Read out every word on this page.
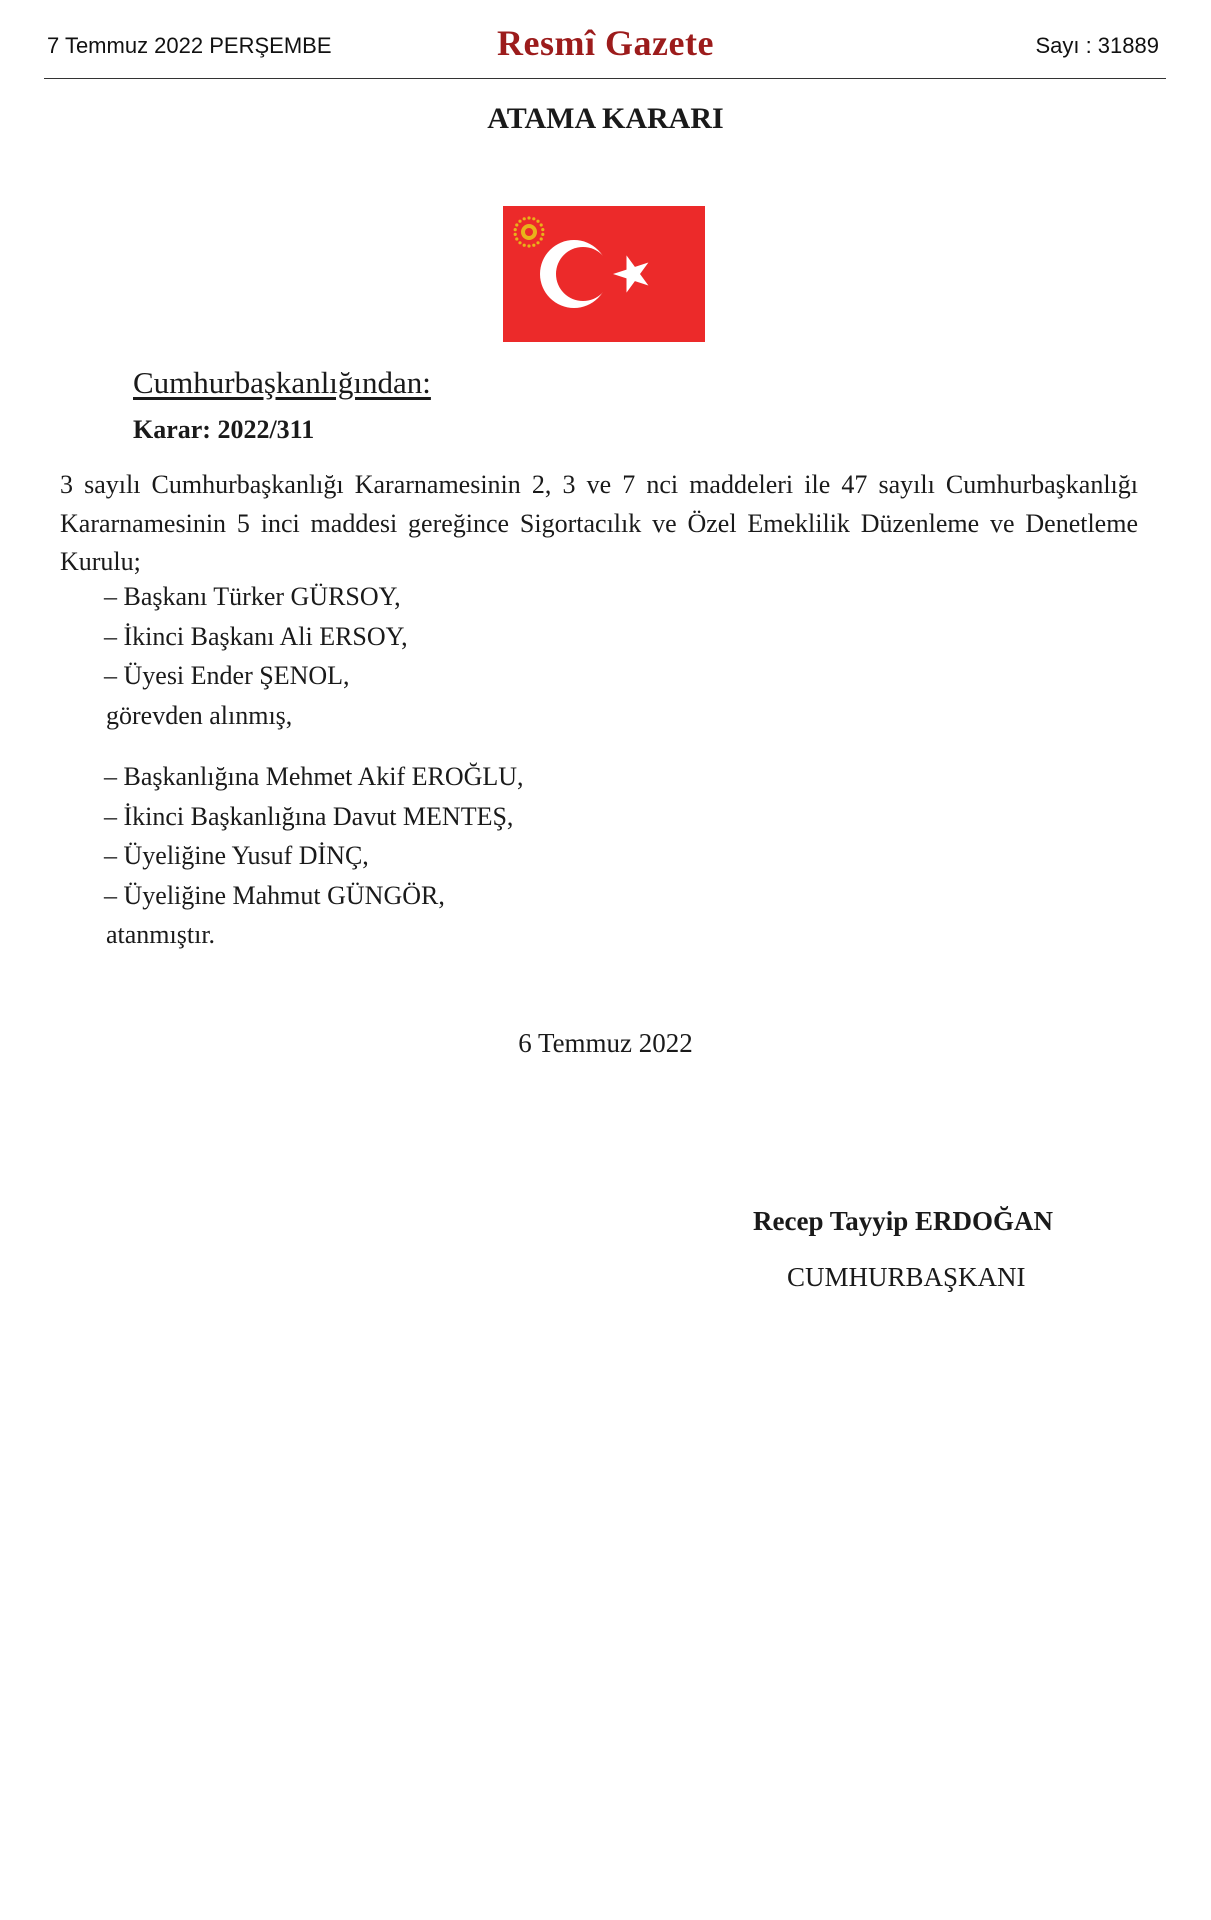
7 Temmuz 2022 PERŞEMBE	Resmî Gazete	Sayı : 31889
ATAMA KARARI
Cumhurbaşkanlığından:
Karar: 2022/311
3 sayılı Cumhurbaşkanlığı Kararnamesinin 2, 3 ve 7 nci maddeleri ile 47 sayılı Cumhurbaşkanlığı Kararnamesinin 5 inci maddesi gereğince Sigortacılık ve Özel Emeklilik Düzenleme ve Denetleme Kurulu;
– Başkanı Türker GÜRSOY,
– İkinci Başkanı Ali ERSOY,
– Üyesi Ender ŞENOL,
görevden alınmış,
– Başkanlığına Mehmet Akif EROĞLU,
– İkinci Başkanlığına Davut MENTEŞ,
– Üyeliğine Yusuf DİNÇ,
– Üyeliğine Mahmut GÜNGÖR,
atanmıştır.
6 Temmuz 2022
Recep Tayyip ERDOĞAN
CUMHURBAŞKANI
